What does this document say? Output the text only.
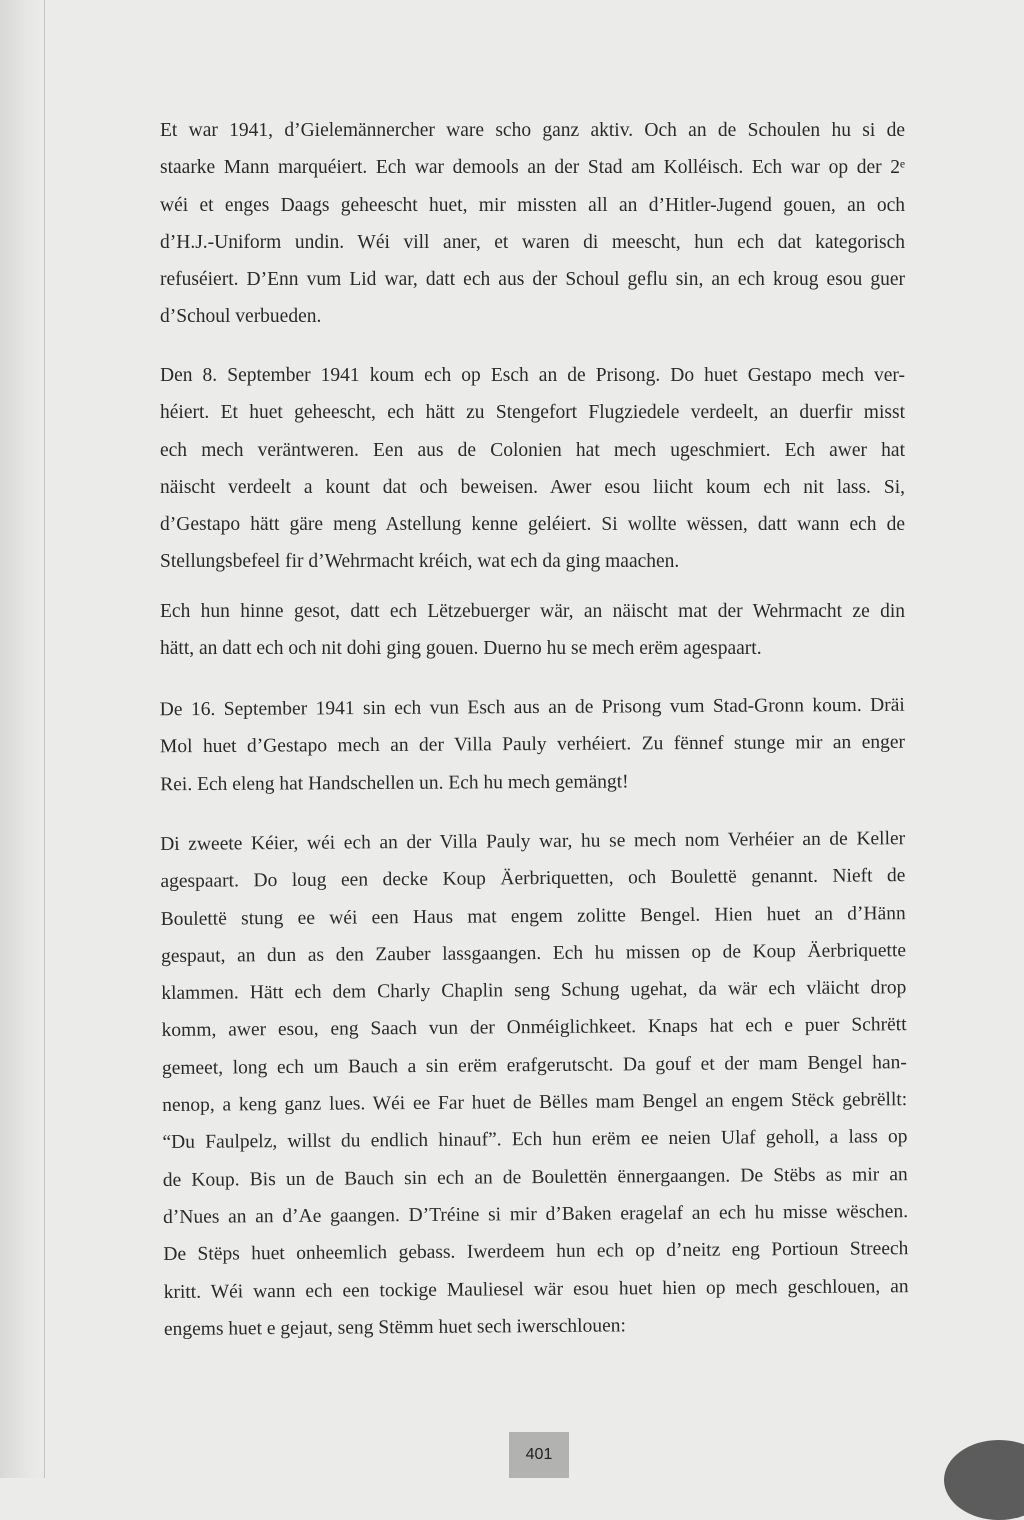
Et war 1941, d’Gielemännercher ware scho ganz aktiv. Och an de Schoulen hu si de
staarke Mann marquéiert. Ech war demools an der Stad am Kolléisch. Ech war op der 2ᵉ
wéi et enges Daags geheescht huet, mir missten all an d’Hitler-Jugend gouen, an och
d’H.J.-Uniform undin. Wéi vill aner, et waren di meescht, hun ech dat kategorisch
refuséiert. D’Enn vum Lid war, datt ech aus der Schoul geflu sin, an ech kroug esou guer
d’Schoul verbueden.
Den 8. September 1941 koum ech op Esch an de Prisong. Do huet Gestapo mech ver-
héiert. Et huet geheescht, ech hätt zu Stengefort Flugziedele verdeelt, an duerfir misst
ech mech veräntweren. Een aus de Colonien hat mech ugeschmiert. Ech awer hat
näischt verdeelt a kount dat och beweisen. Awer esou liicht koum ech nit lass. Si,
d’Gestapo hätt gäre meng Astellung kenne geléiert. Si wollte wëssen, datt wann ech de
Stellungsbefeel fir d’Wehrmacht kréich, wat ech da ging maachen.
Ech hun hinne gesot, datt ech Lëtzebuerger wär, an näischt mat der Wehrmacht ze din
hätt, an datt ech och nit dohi ging gouen. Duerno hu se mech erëm agespaart.
De 16. September 1941 sin ech vun Esch aus an de Prisong vum Stad-Gronn koum. Dräi
Mol huet d’Gestapo mech an der Villa Pauly verhéiert. Zu fënnef stunge mir an enger
Rei. Ech eleng hat Handschellen un. Ech hu mech gemängt!
Di zweete Kéier, wéi ech an der Villa Pauly war, hu se mech nom Verhéier an de Keller
agespaart. Do loug een decke Koup Äerbriquetten, och Boulettë genannt. Nieft de
Boulettë stung ee wéi een Haus mat engem zolitte Bengel. Hien huet an d’Hänn
gespaut, an dun as den Zauber lassgaangen. Ech hu missen op de Koup Äerbriquette
klammen. Hätt ech dem Charly Chaplin seng Schung ugehat, da wär ech vläicht drop
komm, awer esou, eng Saach vun der Onméiglichkeet. Knaps hat ech e puer Schrëtt
gemeet, long ech um Bauch a sin erëm erafgerutscht. Da gouf et der mam Bengel han-
nenop, a keng ganz lues. Wéi ee Far huet de Bëlles mam Bengel an engem Stëck gebrëllt:
“Du Faulpelz, willst du endlich hinauf”. Ech hun erëm ee neien Ulaf geholl, a lass op
de Koup. Bis un de Bauch sin ech an de Boulettën ënnergaangen. De Stëbs as mir an
d’Nues an an d’Ae gaangen. D’Tréine si mir d’Baken eragelaf an ech hu misse wëschen.
De Stëps huet onheemlich gebass. Iwerdeem hun ech op d’neitz eng Portioun Streech
kritt. Wéi wann ech een tockige Mauliesel wär esou huet hien op mech geschlouen, an
engems huet e gejaut, seng Stëmm huet sech iwerschlouen:
401
